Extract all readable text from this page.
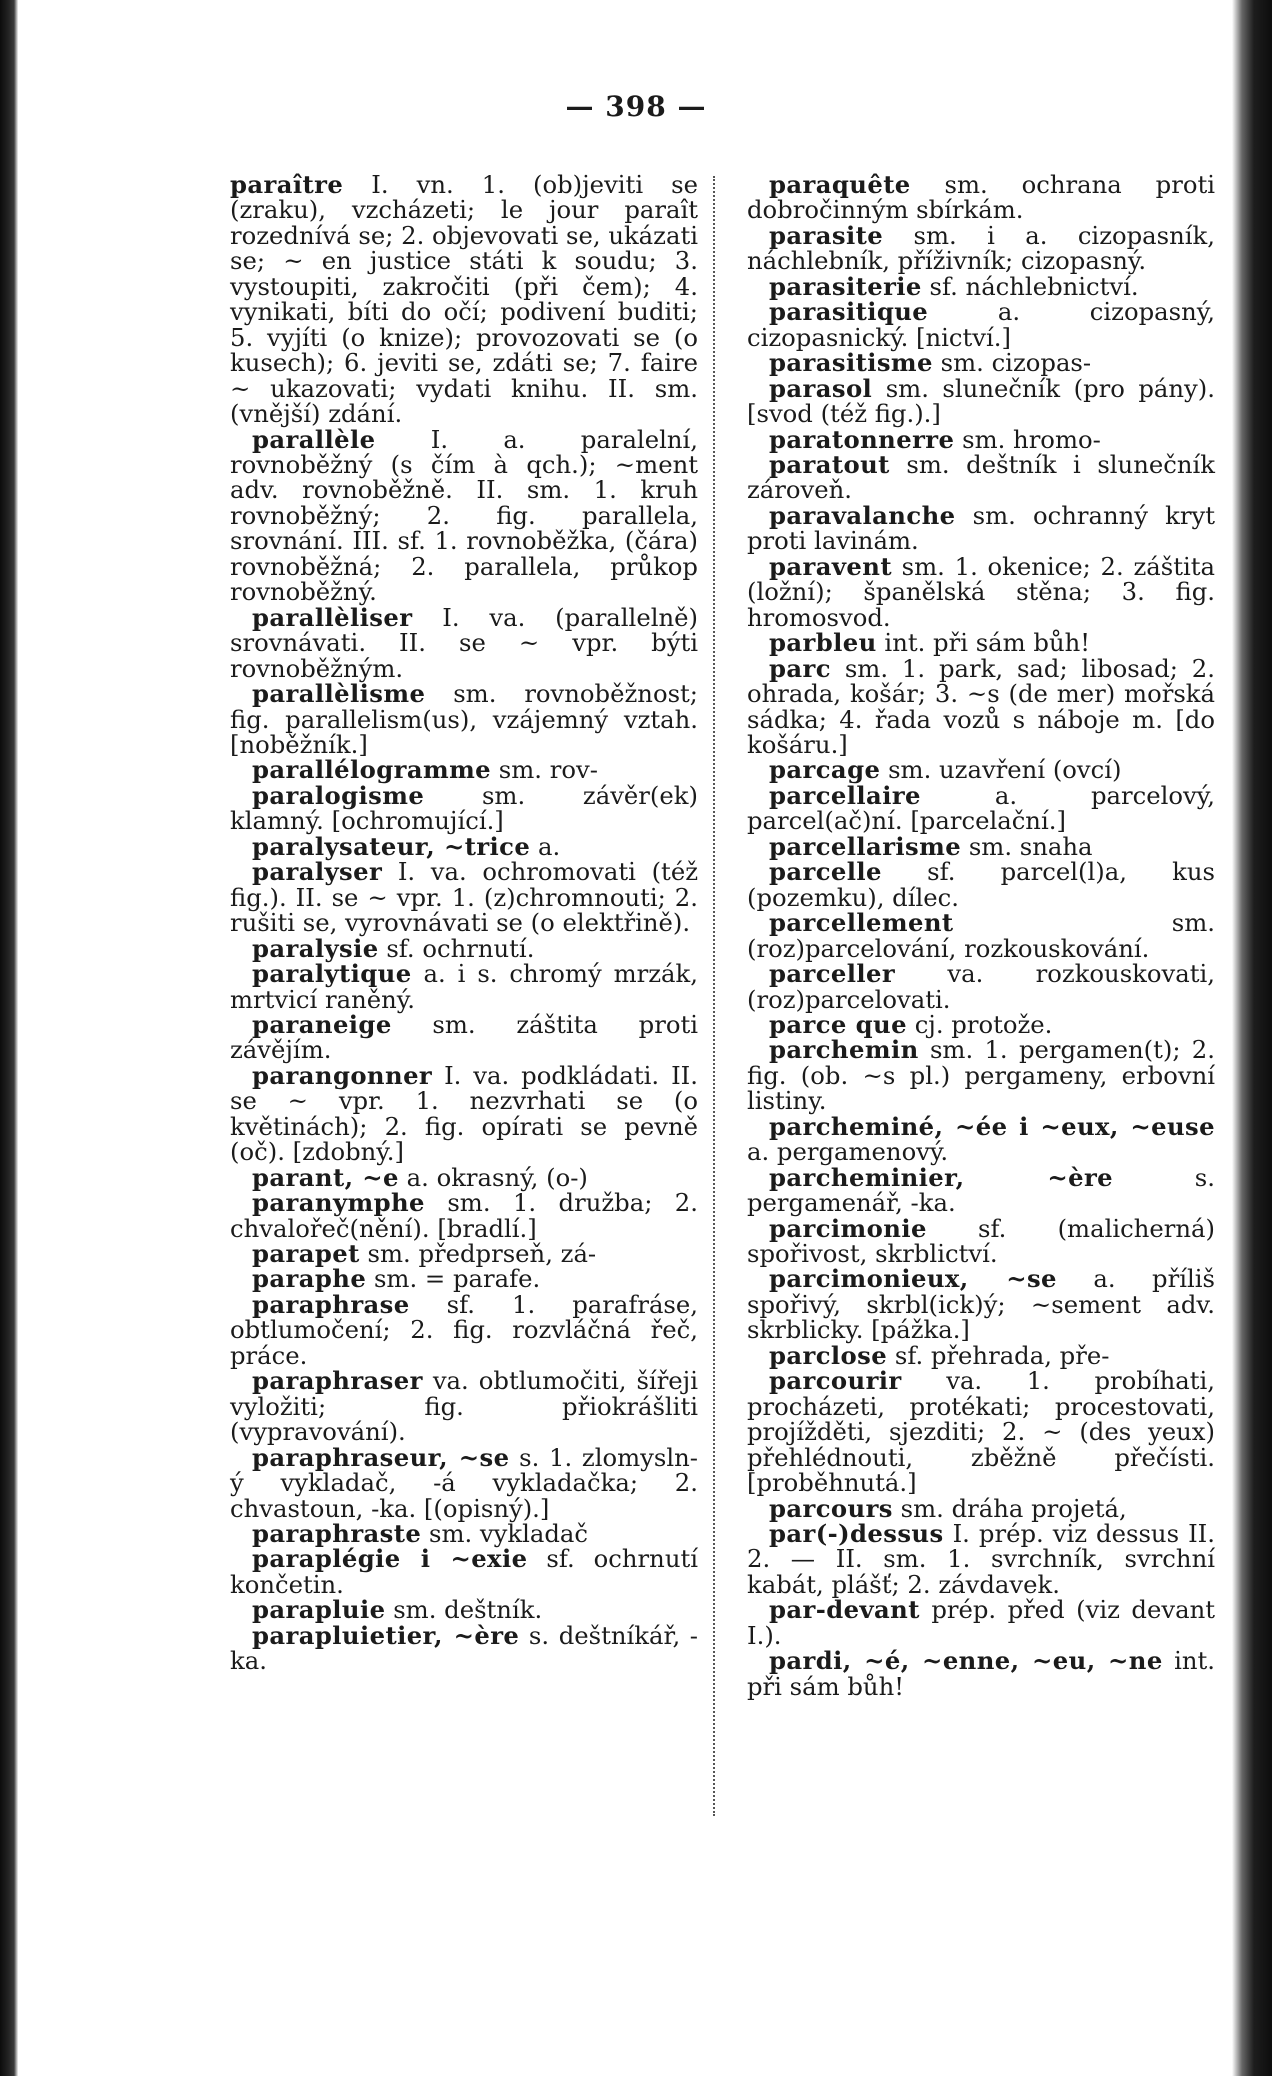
— 398 —
paraître I. vn. 1. (ob)jeviti se (zraku), vzcházeti; le jour paraît rozednívá se; 2. objevovati se, ukázati se; ~ en justice státi k soudu; 3. vystoupiti, zakročiti (při čem); 4. vynikati, bíti do očí; podivení buditi; 5. vyjíti (o knize); provozovati se (o kusech); 6. jeviti se, zdáti se; 7. faire ~ ukazovati; vydati knihu. II. sm. (vnější) zdání.
parallèle I. a. paralelní, rovnoběžný (s čím à qch.); ~ment adv. rovnoběžně. II. sm. 1. kruh rovnoběžný; 2. fig. parallela, srovnání. III. sf. 1. rovnoběžka, (čára) rovnoběžná; 2. parallela, průkop rovnoběžný.
parallèliser I. va. (parallelně) srovnávati. II. se ~ vpr. býti rovnoběžným.
parallèlisme sm. rovnoběžnost; fig. parallelism(us), vzájemný vztah. [noběžník.]
parallélogramme sm. rov-
paralogisme sm. závěr(ek) klamný. [ochromující.]
paralysateur, ~trice a.
paralyser I. va. ochromovati (též fig.). II. se ~ vpr. 1. (z)chromnouti; 2. rušiti se, vyrovnávati se (o elektřině).
paralysie sf. ochrnutí.
paralytique a. i s. chromý mrzák, mrtvicí raněný.
paraneige sm. záštita proti závějím.
parangonner I. va. podkládati. II. se ~ vpr. 1. nezvrhati se (o květinách); 2. fig. opírati se pevně (oč). [zdobný.]
parant, ~e a. okrasný, (o-)
paranymphe sm. 1. družba; 2. chvalořeč(nění). [bradlí.]
parapet sm. předprseň, zá-
paraphe sm. = parafe.
paraphrase sf. 1. parafráse, obtlumočení; 2. fig. rozvláčná řeč, práce.
paraphraser va. obtlumočiti, šířeji vyložiti; fig. přiokrášliti (vypravování).
paraphraseur, ~se s. 1. zlomysln-ý vykladač, -á vykladačka; 2. chvastoun, -ka. [(opisný).]
paraphraste sm. vykladač
paraplégie i ~exie sf. ochrnutí končetin.
parapluie sm. deštník.
parapluietier, ~ère s. deštníkář, -ka.
paraquête sm. ochrana proti dobročinným sbírkám.
parasite sm. i a. cizopasník, náchlebník, příživník; cizopasný.
parasiterie sf. náchlebnictví.
parasitique	a. cizopasný, cizopasnický. [nictví.]
parasitisme sm. cizopas-
parasol sm. slunečník (pro pány). [svod (též fig.).]
paratonnerre sm. hromo-
paratout sm. deštník i slunečník zároveň.
paravalanche sm. ochranný kryt proti lavinám.
paravent sm. 1. okenice; 2. záštita (ložní); španělská stěna; 3. fig. hromosvod.
parbleu int. při sám bůh!
parc sm. 1. park, sad; libosad; 2. ohrada, košár; 3. ~s (de mer) mořská sádka; 4. řada vozů s náboje m. [do košáru.]
parcage sm. uzavření (ovcí)
parcellaire	a. parcelový, parcel(ač)ní. [parcelační.]
parcellarisme sm. snaha
parcelle sf. parcel(l)a, kus (pozemku), dílec.
parcellement	sm. (roz)parcelování, rozkouskování.
parceller va. rozkouskovati, (roz)parcelovati.
parce que cj. protože.
parchemin sm. 1. pergamen(t); 2. fig. (ob. ~s pl.) pergameny, erbovní listiny.
parcheminé, ~ée i ~eux, ~euse a. pergamenový.
parcheminier, ~ère	s. pergamenář, -ka.
parcimonie sf. (malicherná) spořivost, skrblictví.
parcimonieux, ~se a. příliš spořivý, skrbl(ick)ý; ~sement adv. skrblicky. [pážka.]
parclose sf. přehrada, pře-
parcourir va. 1. probíhati, procházeti, protékati; procestovati, projížděti, sjezditi; 2. ~ (des yeux) přehlédnouti, zběžně přečísti. [proběhnutá.]
parcours sm. dráha projetá,
par(-)dessus I. prép. viz dessus II. 2. — II. sm. 1. svrchník, svrchní kabát, plášť; 2. závdavek.
par-devant prép. před (viz devant I.).
pardi, ~é, ~enne, ~eu, ~ne int. při sám bůh!
